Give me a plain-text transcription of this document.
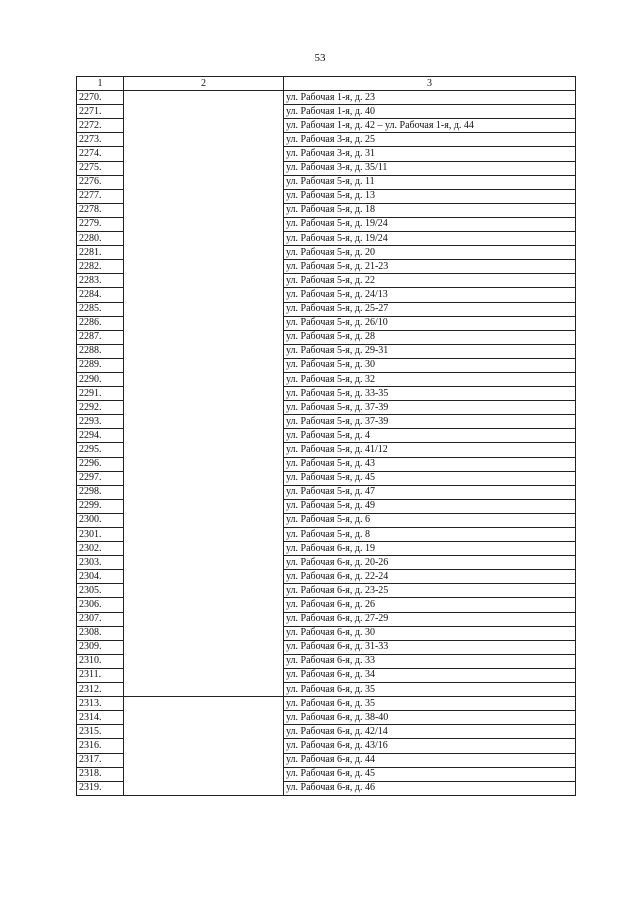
53
1	2	3
2270.		ул. Рабочая 1-я, д. 23
2271.		ул. Рабочая 1-я, д. 40
2272.		ул. Рабочая 1-я, д. 42 – ул. Рабочая 1-я, д. 44
2273.		ул. Рабочая 3-я, д. 25
2274.		ул. Рабочая 3-я, д. 31
2275.		ул. Рабочая 3-я, д. 35/11
2276.		ул. Рабочая 5-я, д. 11
2277.		ул. Рабочая 5-я, д. 13
2278.		ул. Рабочая 5-я, д. 18
2279.		ул. Рабочая 5-я, д. 19/24
2280.		ул. Рабочая 5-я, д. 19/24
2281.		ул. Рабочая 5-я, д. 20
2282.		ул. Рабочая 5-я, д. 21-23
2283.		ул. Рабочая 5-я, д. 22
2284.		ул. Рабочая 5-я, д. 24/13
2285.		ул. Рабочая 5-я, д. 25-27
2286.		ул. Рабочая 5-я, д. 26/10
2287.		ул. Рабочая 5-я, д. 28
2288.		ул. Рабочая 5-я, д. 29-31
2289.		ул. Рабочая 5-я, д. 30
2290.		ул. Рабочая 5-я, д. 32
2291.		ул. Рабочая 5-я, д. 33-35
2292.		ул. Рабочая 5-я, д. 37-39
2293.		ул. Рабочая 5-я, д. 37-39
2294.		ул. Рабочая 5-я, д. 4
2295.		ул. Рабочая 5-я, д. 41/12
2296.		ул. Рабочая 5-я, д. 43
2297.		ул. Рабочая 5-я, д. 45
2298.		ул. Рабочая 5-я, д. 47
2299.		ул. Рабочая 5-я, д. 49
2300.		ул. Рабочая 5-я, д. 6
2301.		ул. Рабочая 5-я, д. 8
2302.		ул. Рабочая 6-я, д. 19
2303.		ул. Рабочая 6-я, д. 20-26
2304.		ул. Рабочая 6-я, д. 22-24
2305.		ул. Рабочая 6-я, д. 23-25
2306.		ул. Рабочая 6-я, д. 26
2307.		ул. Рабочая 6-я, д. 27-29
2308.		ул. Рабочая 6-я, д. 30
2309.		ул. Рабочая 6-я, д. 31-33
2310.		ул. Рабочая 6-я, д. 33
2311.		ул. Рабочая 6-я, д. 34
2312.		ул. Рабочая 6-я, д. 35
2313.		ул. Рабочая 6-я, д. 35
2314.		ул. Рабочая 6-я, д. 38-40
2315.		ул. Рабочая 6-я, д. 42/14
2316.		ул. Рабочая 6-я, д. 43/16
2317.		ул. Рабочая 6-я, д. 44
2318.		ул. Рабочая 6-я, д. 45
2319.		ул. Рабочая 6-я, д. 46
